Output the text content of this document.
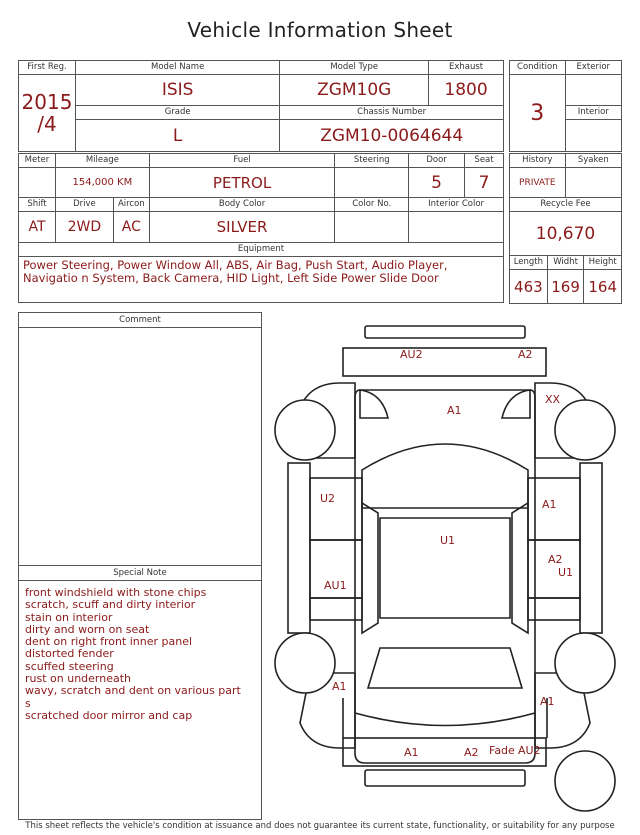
Vehicle Information Sheet
First Reg.	Model Name	Model Type	Exhaust

2015
/4	ISIS	ZGM10G	1800
	Grade	Chassis Number	
	L	ZGM10-0064644	
Condition	Exterior
3	
	Interior

Meter	Mileage		Fuel	Steering	Door	Seat
	154,000 KM		PETROL		5	7
Shift	Drive	Aircon	Body Color	Color No.	Interior Color	
AT	2WD	AC	SILVER			
Equipment						
Power Steering, Power Window All, ABS, Air Bag, Push Start, Audio Player, Navigatio n System, Back Camera, HID Light, Left Side Power Slide Door						
History		Syaken	
PRIVATE			
Recycle Fee			
10,670			
Length	Widht		Height
463	169		164
Comment
Special Note
front windshield with stone chips
scratch, scuff and dirty interior
stain on interior
dirty and worn on seat
dent on right front inner panel
distorted fender
scuffed steering
rust on underneath
wavy, scratch and dent on various part
s
scratched door mirror and cap
AU2	A2
A1
XX
U2	A1
U1
A2
U1
AU1
A1
A1
A1	A2 Fade AU2
This sheet reflects the vehicle's condition at issuance and does not guarantee its current state, functionality, or suitability for any purpose
